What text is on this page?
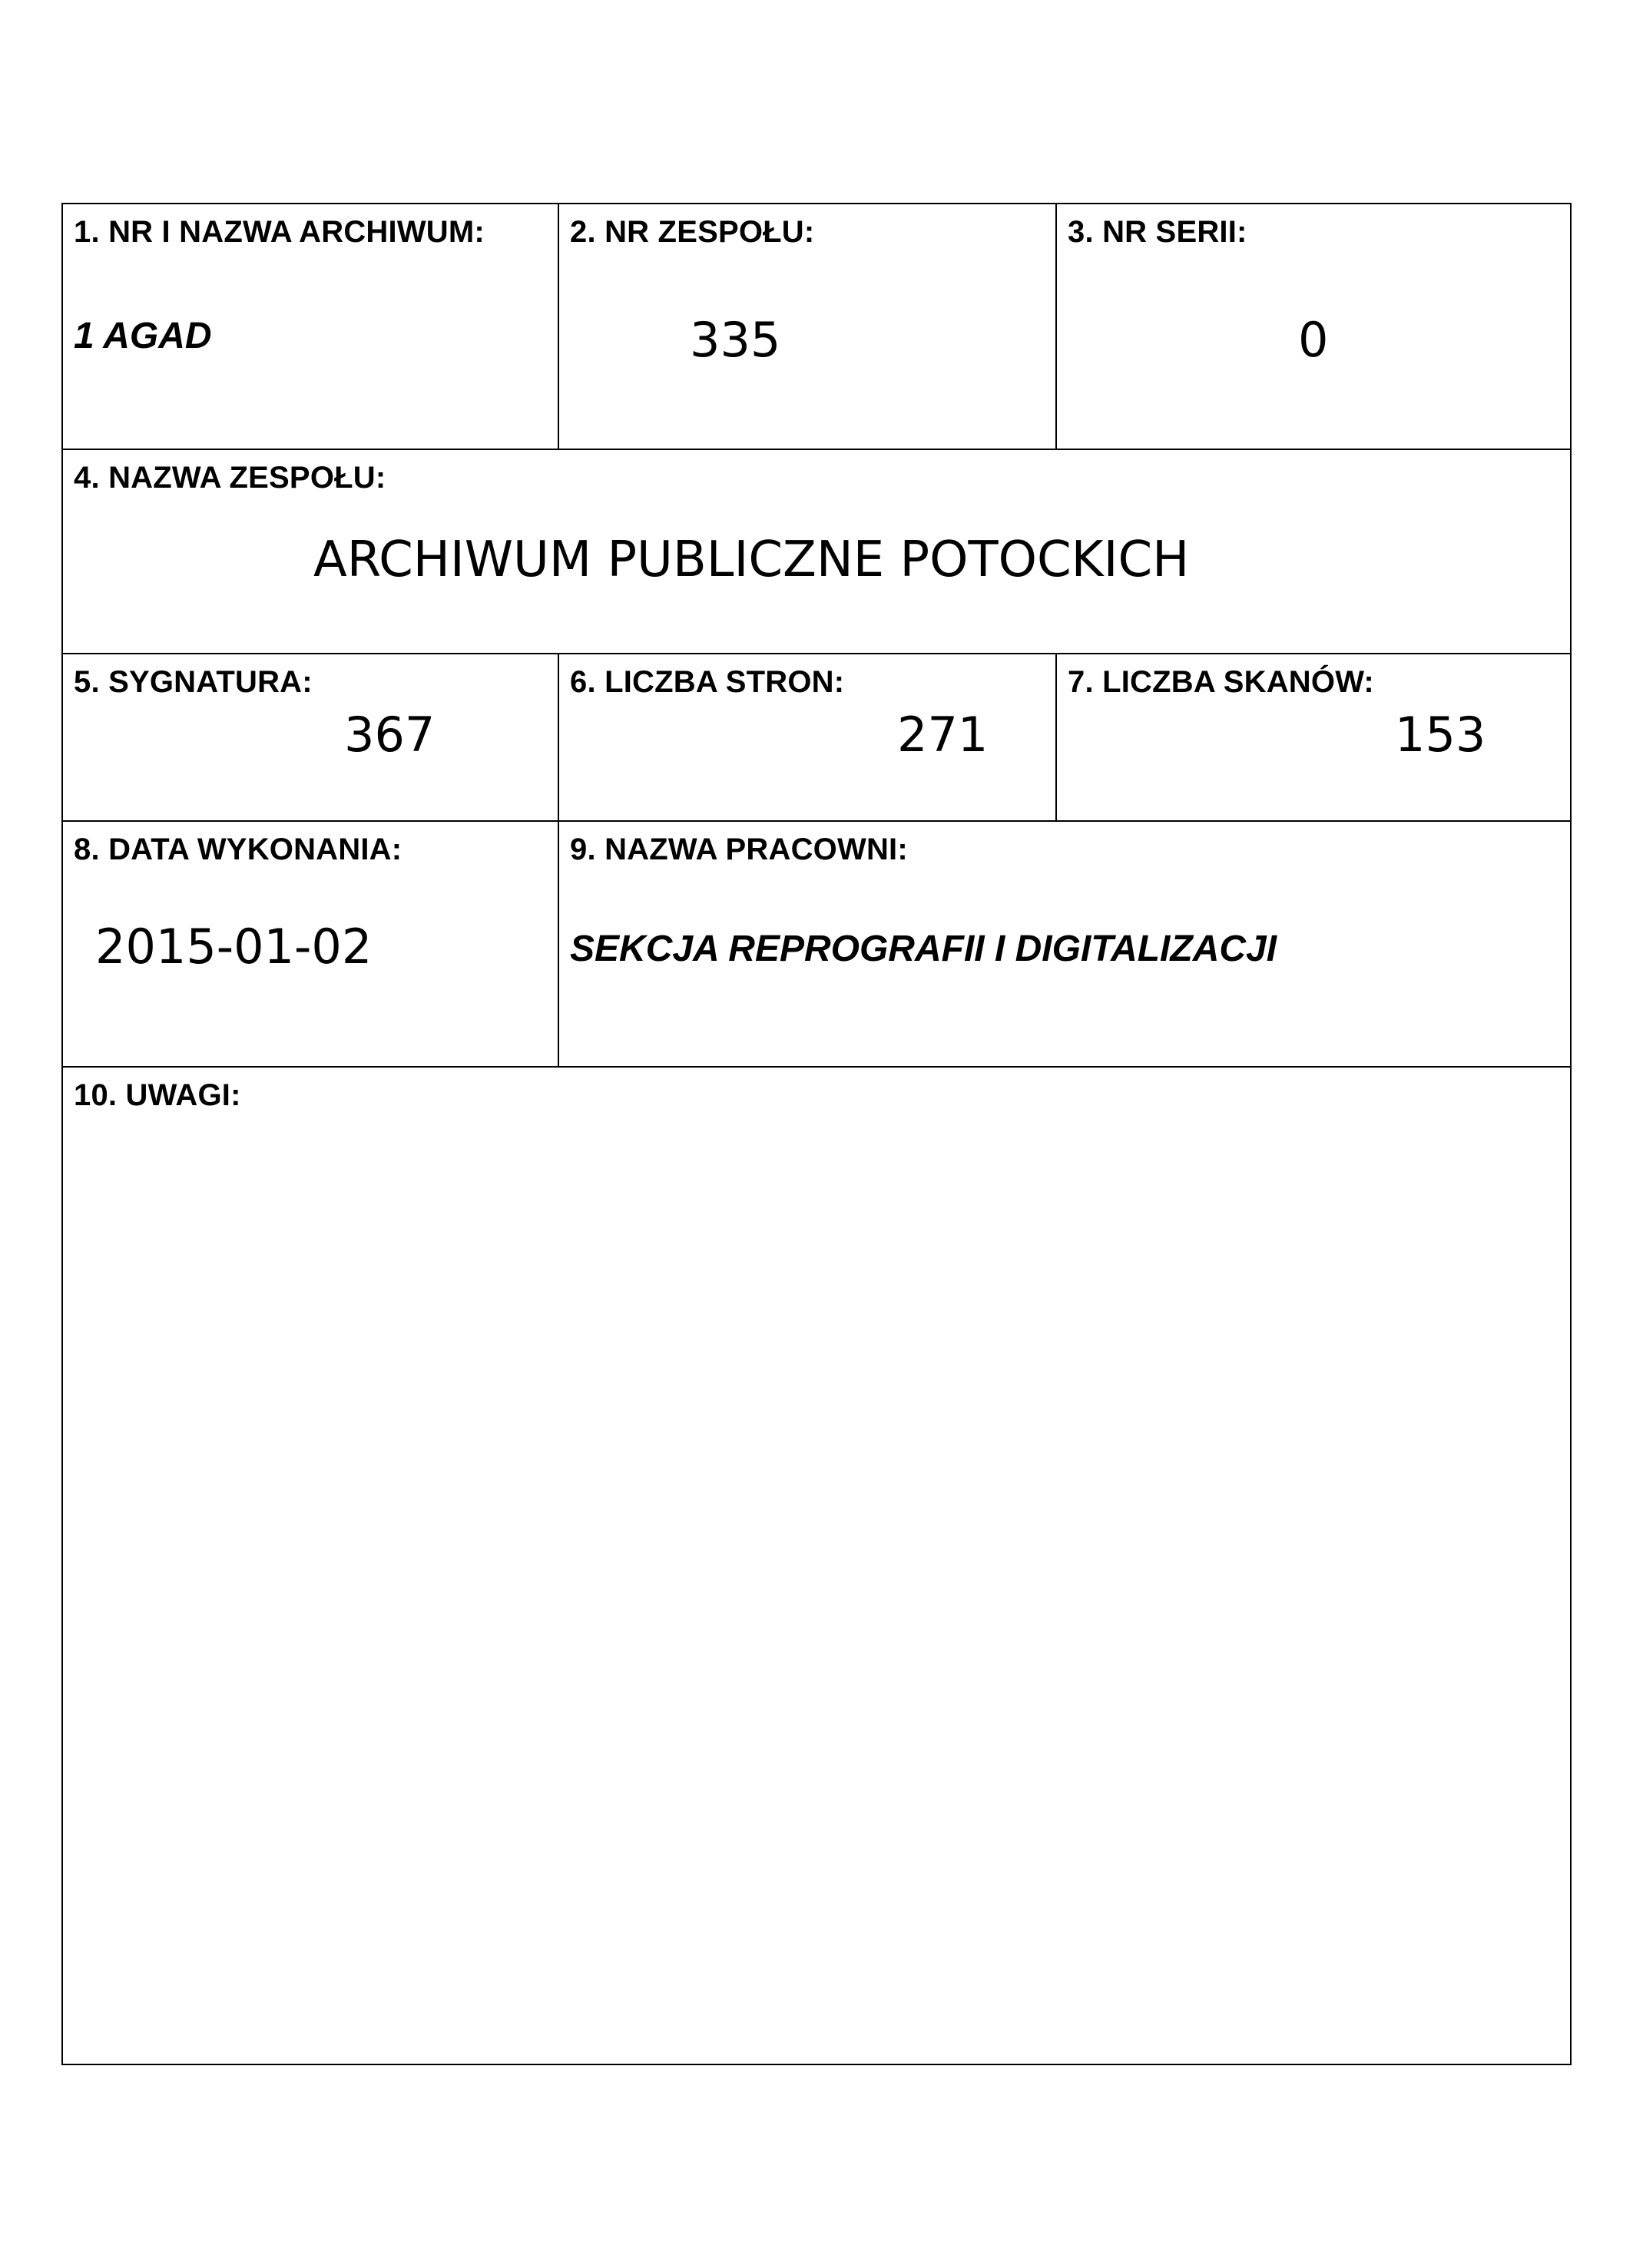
1. NR I NAZWA ARCHIWUM:
1 AGAD
2. NR ZESPOŁU:
335
3. NR SERII:
0
4. NAZWA ZESPOŁU:
ARCHIWUM PUBLICZNE POTOCKICH
5. SYGNATURA:
367
6. LICZBA STRON:
271
7. LICZBA SKANÓW:
153
8. DATA WYKONANIA:
2015-01-02
9. NAZWA PRACOWNI:
SEKCJA REPROGRAFII I DIGITALIZACJI
10. UWAGI:
